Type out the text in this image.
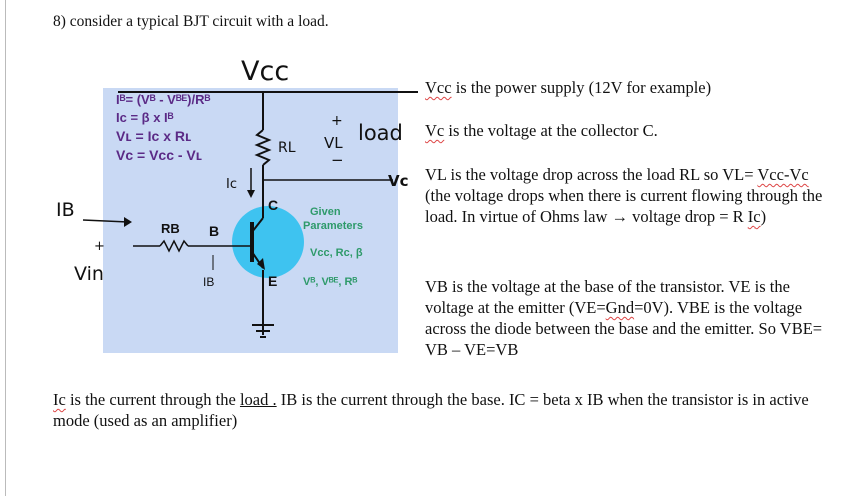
8) consider a typical BJT circuit with a load.
Vcc
Iᴮ= (Vᴮ - Vᴮᴱ)/Rᴮ
Ic = β x Iᴮ
Vʟ = Ic x Rʟ
Vᴄ = Vcc - Vʟ	RL
+
VL
−
load
Vc
Ic
C
B
E
RB
IB
IB
+
Vin
Given
Parameters
Vcc, Rc, β
Vᴮ, Vᴮᴱ, Rᴮ
Vcc is the power supply (12V for example)
Vc is the voltage at the collector C.
VL is the voltage drop across the load RL so VL= Vcc-Vc (the voltage drops when there is current flowing through the load. In virtue of Ohms law → voltage drop = R Ic)
VB is the voltage at the base of the transistor. VE is the voltage at the emitter (VE=Gnd=0V). VBE is the voltage across the diode between the base and the emitter. So VBE= VB – VE=VB
Ic is the current through the load . IB is the current through the base. IC = beta x IB when the transistor is in active mode (used as an amplifier)
